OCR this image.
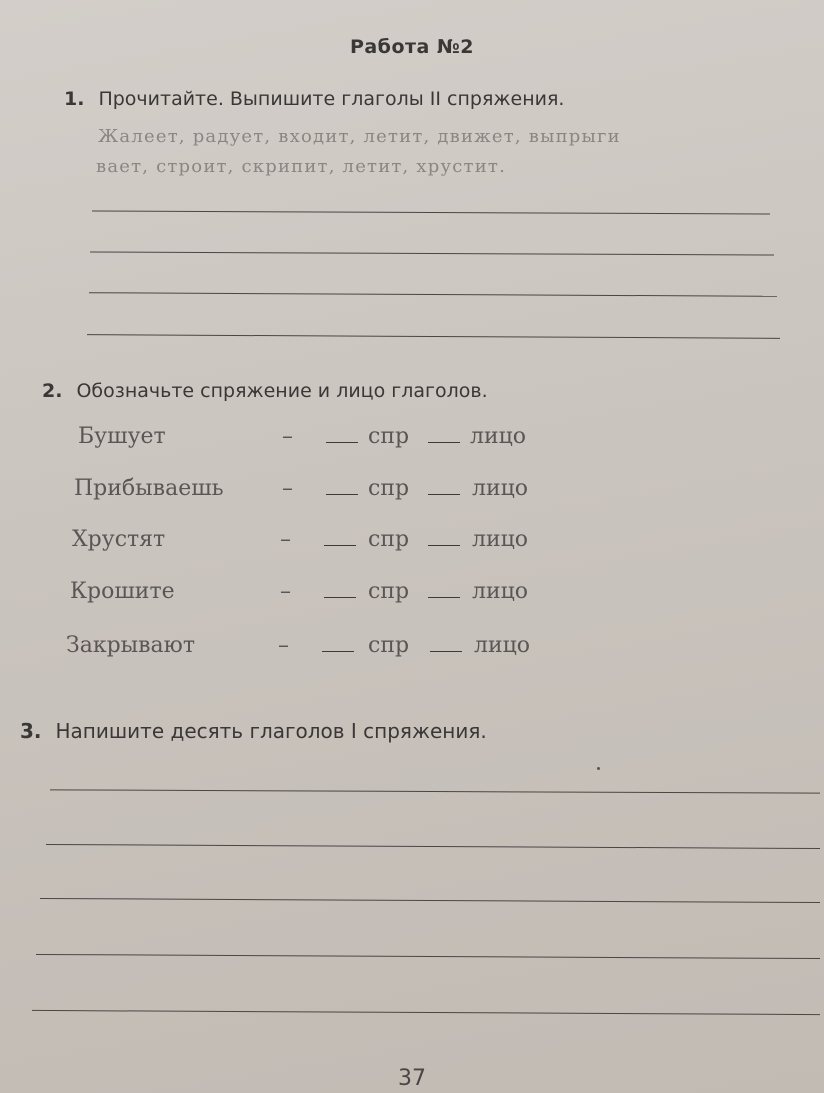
Работа №2
1. Прочитайте. Выпишите глаголы II спряжения.
Жалеет, радует, входит, летит, движет, выпрыги
вает, строит, скрипит, летит, хрустит.
2. Обозначьте спряжение и лицо глаголов.
Бушует	–	спр	лицо
Прибываешь	–	спр	лицо
Хрустят	–	спр	лицо
Крошите	–	спр	лицо
Закрывают	–	спр	лицо
3. Напишите десять глаголов I спряжения.
37
